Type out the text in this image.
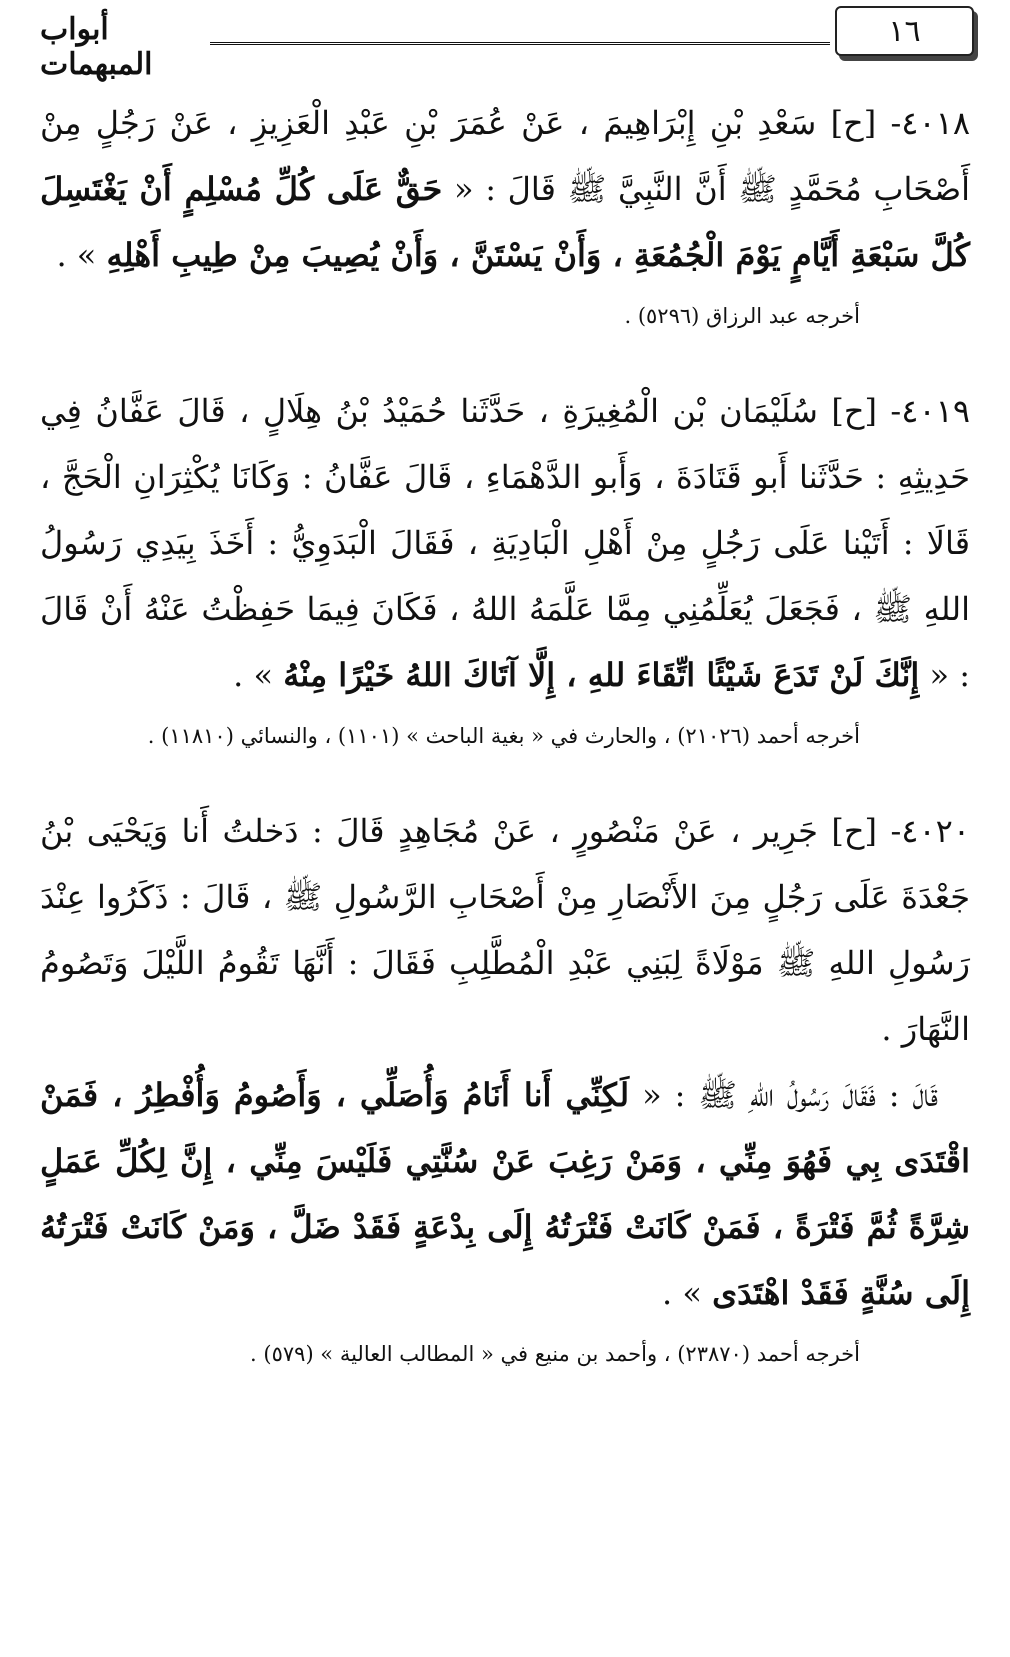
١٦
أبواب المبهمات

٤٠١٨- [ح] سَعْدِ بْنِ إِبْرَاهِيمَ ، عَنْ عُمَرَ بْنِ عَبْدِ الْعَزِيزِ ، عَنْ رَجُلٍ مِنْ أَصْحَابِ مُحَمَّدٍ ﷺ أَنَّ النَّبِيَّ ﷺ قَالَ : « حَقٌّ عَلَى كُلِّ مُسْلِمٍ أَنْ يَغْتَسِلَ كُلَّ سَبْعَةِ أَيَّامٍ يَوْمَ الْجُمُعَةِ ، وَأَنْ يَسْتَنَّ ، وَأَنْ يُصِيبَ مِنْ طِيبِ أَهْلِهِ » .

أخرجه عبد الرزاق (٥٢٩٦) .

٤٠١٩- [ح] سُلَيْمَان بْن الْمُغِيرَةِ ، حَدَّثَنا حُمَيْدُ بْنُ هِلَالٍ ، قَالَ عَفَّانُ فِي حَدِيثِهِ : حَدَّثَنا أَبو قَتَادَةَ ، وَأَبو الدَّهْمَاءِ ، قَالَ عَفَّانُ : وَكَانَا يُكْثِرَانِ الْحَجَّ ، قَالَا : أَتَيْنا عَلَى رَجُلٍ مِنْ أَهْلِ الْبَادِيَةِ ، فَقَالَ الْبَدَوِيُّ : أَخَذَ بِيَدِي رَسُولُ اللهِ ﷺ ، فَجَعَلَ يُعَلِّمُنِي مِمَّا عَلَّمَهُ اللهُ ، فَكَانَ فِيمَا حَفِظْتُ عَنْهُ أَنْ قَالَ : « إِنَّكَ لَنْ تَدَعَ شَيْئًا اتِّقَاءَ للهِ ، إِلَّا آتَاكَ اللهُ خَيْرًا مِنْهُ » .

أخرجه أحمد (٢١٠٢٦) ، والحارث في « بغية الباحث » (١١٠١) ، والنسائي (١١٨١٠) .

٤٠٢٠- [ح] جَرِير ، عَنْ مَنْصُورٍ ، عَنْ مُجَاهِدٍ قَالَ : دَخلتُ أَنا وَيَحْيَى بْنُ جَعْدَةَ عَلَى رَجُلٍ مِنَ الأَنْصَارِ مِنْ أَصْحَابِ الرَّسُولِ ﷺ ، قَالَ : ذَكَرُوا عِنْدَ رَسُولِ اللهِ ﷺ مَوْلَاةً لِبَنِي عَبْدِ الْمُطَّلِبِ فَقَالَ : أَنَّهَا تَقُومُ اللَّيْلَ وَتَصُومُ النَّهَارَ .

قَالَ : فَقَالَ رَسُولُ اللهِ ﷺ : « لَكِنِّي أَنا أَنَامُ وَأُصَلِّي ، وَأَصُومُ وَأُفْطِرُ ، فَمَنْ اقْتَدَى بِي فَهُوَ مِنِّي ، وَمَنْ رَغِبَ عَنْ سُنَّتِي فَلَيْسَ مِنِّي ، إِنَّ لِكُلِّ عَمَلٍ شِرَّةً ثُمَّ فَتْرَةً ، فَمَنْ كَانَتْ فَتْرَتُهُ إِلَى بِدْعَةٍ فَقَدْ ضَلَّ ، وَمَنْ كَانَتْ فَتْرَتُهُ إِلَى سُنَّةٍ فَقَدْ اهْتَدَى » .

أخرجه أحمد (٢٣٨٧٠) ، وأحمد بن منيع في « المطالب العالية » (٥٧٩) .
